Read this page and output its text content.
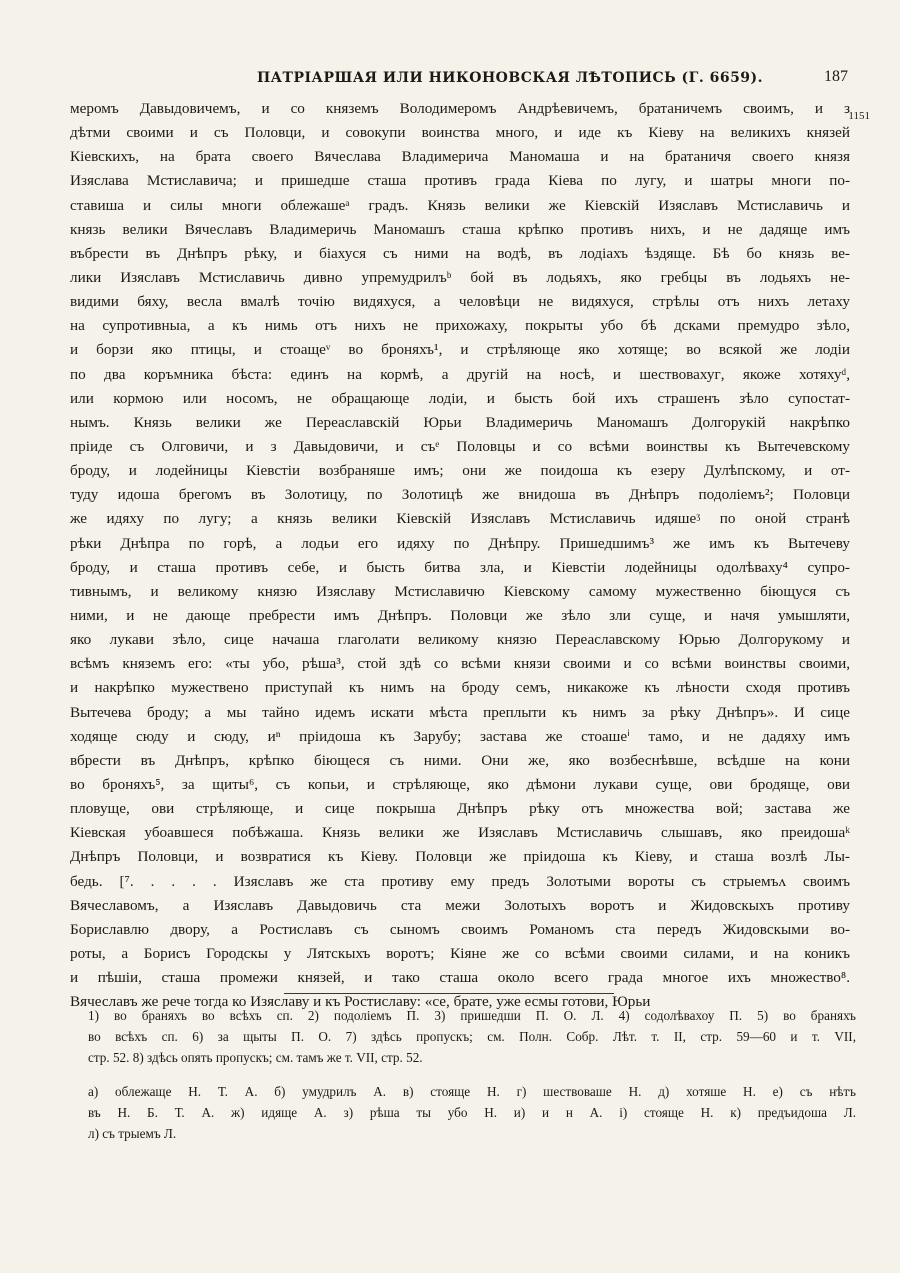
ПАТРІАРШАЯ ИЛИ НИКОНОВСКАЯ ЛѢТОПИСЬ (Г. 6659).	187
1151
меромъ Давыдовичемъ, и со княземъ Володимеромъ Андрѣевичемъ, братаничемъ своимъ, и з
дѣтми своими и съ Половци, и совокупи воинства много, и иде къ Кіеву на великихъ князей
Кіевскихъ, на брата своего Вячеслава Владимерича Маномаша и на братаничя своего князя
Изяслава Мстиславича; и пришедше сташа противъ града Кіева по лугу, и шатры многи по-
ставиша и силы многи облежашеᵃ градъ. Князь велики же Кіевскій Изяславъ Мстиславичь и
князь велики Вячеславъ Владимеричь Маномашъ сташа крѣпко противъ нихъ, и не дадяще имъ
въбрести въ Днѣпръ рѣку, и біахуся съ ними на водѣ, въ лодіахъ ѣздяще. Бѣ бо князь ве-
лики Изяславъ Мстиславичь дивно упремудрилъᵇ бой въ лодьяхъ, яко гребцы въ лодьяхъ не-
видими бяху, весла вмалѣ точію видяхуся, а человѣци не видяхуся, стрѣлы отъ нихъ летаху
на супротивныа, а къ нимь отъ нихъ не прихожаху, покрыты убо бѣ дсками премудро зѣло,
и борзи яко птицы, и стоащеᵛ во броняхъ¹, и стрѣляюще яко хотяще; во всякой же лодіи
по два коръмника бѣста: единъ на кормѣ, а другій на носѣ, и шествовахуᴦ, якоже хотяхуᵈ,
или кормою или носомъ, не обращающе лодіи, и бысть бой ихъ страшенъ зѣло супостат-
нымъ. Князь велики же Переаславскій Юрьи Владимеричь Маномашъ Долгорукій накрѣпко
пріиде съ Олговичи, и з Давыдовичи, и съᵉ Половцы и со всѣми воинствы къ Вытечевскому
броду, и лодейницы Кіевстіи возбраняше имъ; они же поидоша къ езеру Дулѣпскому, и от-
туду идоша брегомъ въ Золотицу, по Золотицѣ же внидоша въ Днѣпръ подоліемъ²; Половци
же идяху по лугу; а князь велики Кіевскій Изяславъ Мстиславичь идяшеᶾ по оной странѣ
рѣки Днѣпра по горѣ, а лодьи его идяху по Днѣпру. Пришедшимъ³ же имъ къ Вытечеву
броду, и сташа противъ себе, и бысть битва зла, и Кіевстіи лодейницы одолѣваху⁴ супро-
тивнымъ, и великому князю Изяславу Мстиславичю Кіевскому самому мужественно біющуся съ
ними, и не дающе пребрести имъ Днѣпръ. Половци же зѣло зли суще, и начя умышляти,
яко лукави зѣло, сице начаша глаголати великому князю Переаславскому Юрью Долгорукому и
всѣмъ княземъ его: «ты убо, рѣша³, стой здѣ со всѣми князи своими и со всѣми воинствы своими,
и накрѣпко мужествено приступай къ нимъ на броду семъ, никакоже къ лѣности сходя противъ
Вытечева броду; а мы тайно идемъ искати мѣста преплыти къ нимъ за рѣку Днѣпръ». И сице
ходяще сюду и сюду, иⁿ пріидоша къ Зарубу; застава же стоашеⁱ тамо, и не дадяху имъ
вбрести въ Днѣпръ, крѣпко біющеся съ ними. Они же, яко возбеснѣвше, всѣдше на кони
во броняхъ⁵, за щиты⁶, съ копьи, и стрѣляюще, яко дѣмони лукави суще, ови бродяще, ови
пловуще, ови стрѣляюще, и сице покрыша Днѣпръ рѣку отъ множества вой; застава же
Кіевская убоавшеся побѣжаша. Князь велики же Изяславъ Мстиславичь слышавъ, яко преидошаᵏ
Днѣпръ Половци, и возвратися къ Кіеву. Половци же пріидоша къ Кіеву, и сташа возлѣ Лы-
бедь. [⁷. . . . . Изяславъ же ста противу ему предъ Золотыми вороты съ стрыемъᴧ своимъ
Вячеславомъ, а Изяславъ Давыдовичь ста межи Золотыхъ воротъ и Жидовскыхъ противу
Бориславлю двору, а Ростиславъ съ сыномъ своимъ Романомъ ста передъ Жидовскыми во-
роты, а Борисъ Городскы у Лятскыхъ воротъ; Кіяне же со всѣми своими силами, и на коникъ
и пѣшіи, сташа промежи князей, и тако сташа около всего града многое ихъ множество⁸.
Вячеславъ же рече тогда ко Изяславу и къ Ростиславу: «се, брате, уже есмы готови, Юрьи
1) во браняхъ во всѣхъ сп. 2) подоліемъ П. 3) пришедши П. О. Л. 4) содолѣвахоу П. 5) во браняхъ
во всѣхъ сп. 6) за щыты П. О. 7) здѣсь пропускъ; см. Полн. Собр. Лѣт. т. II, стр. 59—60 и т. VII,
стр. 52. 8) здѣсь опять пропускъ; см. тамъ же т. VII, стр. 52.
а) облежаще Н. Т. А. б) умудрилъ А. в) стояще Н. г) шествоваше Н. д) хотяше Н. е) съ нѣтъ
въ Н. Б. Т. А. ж) идяще А. з) рѣша ты убо Н. и) и н А. і) стояще Н. к) предъидоша Л.
л) съ трыемъ Л.
